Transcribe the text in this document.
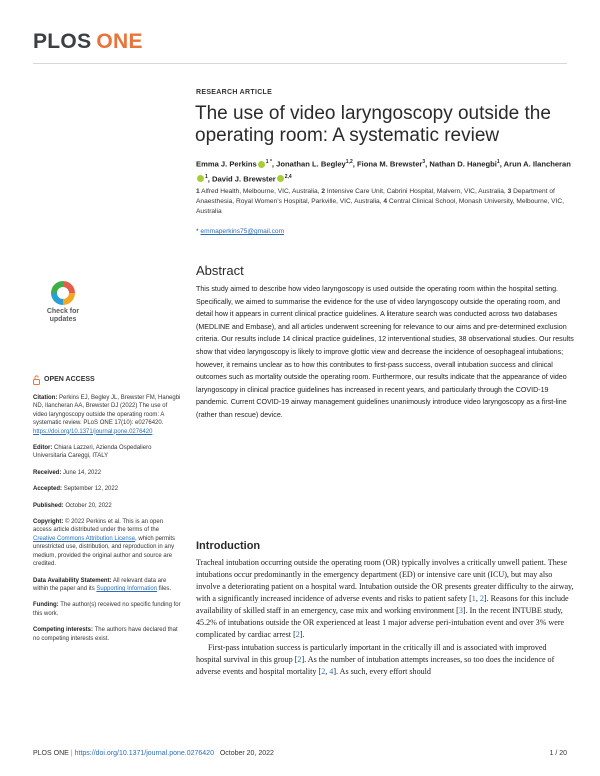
PLOS ONE
RESEARCH ARTICLE
The use of video laryngoscopy outside the operating room: A systematic review
Emma J. Perkins $^{1 *}$, Jonathan L. Begley$^{1,2}$, Fiona M. Brewster$^3$, Nathan D. Hanegbi$^1$, Arun A. Ilancheran$^1$, David J. Brewster $^{2,4}$
1 Alfred Health, Melbourne, VIC, Australia, 2 Intensive Care Unit, Cabrini Hospital, Malvern, VIC, Australia, 3 Department of Anaesthesia, Royal Women’s Hospital, Parkville, VIC, Australia, 4 Central Clinical School, Monash University, Melbourne, VIC, Australia
* emmaperkins75@gmail.com
Abstract

This study aimed to describe how video laryngoscopy is used outside the operating room within the hospital setting. Specifically, we aimed to summarise the evidence for the use of video laryngoscopy outside the operating room, and detail how it appears in current clinical practice guidelines. A literature search was conducted across two databases (MEDLINE and Embase), and all articles underwent screening for relevance to our aims and pre-determined exclusion criteria. Our results include 14 clinical practice guidelines, 12 interventional studies, 38 observational studies. Our results show that video laryngoscopy is likely to improve glottic view and decrease the incidence of oesophageal intubations; however, it remains unclear as to how this contributes to first-pass success, overall intubation success and clinical outcomes such as mortality outside the operating room. Furthermore, our results indicate that the appearance of video laryngoscopy in clinical practice guidelines has increased in recent years, and particularly through the COVID-19 pandemic. Current COVID-19 airway management guidelines unanimously introduce video laryngoscopy as a first-line (rather than rescue) device.

Introduction

Tracheal intubation occurring outside the operating room (OR) typically involves a critically unwell patient. These intubations occur predominantly in the emergency department (ED) or intensive care unit (ICU), but may also involve a deteriorating patient on a hospital ward. Intubation outside the OR presents greater difficulty to the airway, with a significantly increased incidence of adverse events and risks to patient safety [1, 2]. Reasons for this include availability of skilled staff in an emergency, case mix and working environment [3]. In the recent INTUBE study, 45.2% of intubations outside the OR experienced at least 1 major adverse peri-intubation event and over 3% were complicated by cardiac arrest [2].

First-pass intubation success is particularly important in the critically ill and is associated with improved hospital survival in this group [2]. As the number of intubation attempts increases, so too does the incidence of adverse events and hospital mortality [2, 4]. As such, every effort should

Check for
updates
OPEN ACCESS
Citation: Perkins EJ, Begley JL, Brewster FM, Hanegbi ND, Ilancheran AA, Brewster DJ (2022) The use of video laryngoscopy outside the operating room: A systematic review. PLoS ONE 17(10): e0276420. https://doi.org/10.1371/journal.pone.0276420
Editor: Chiara Lazzeri, Azienda Ospedaliero Universitaria Careggi, ITALY
Received: June 14, 2022
Accepted: September 12, 2022
Published: October 20, 2022
Copyright: © 2022 Perkins et al. This is an open access article distributed under the terms of the Creative Commons Attribution License, which permits unrestricted use, distribution, and reproduction in any medium, provided the original author and source are credited.
Data Availability Statement: All relevant data are within the paper and its Supporting Information files.
Funding: The author(s) received no specific funding for this work.
Competing interests: The authors have declared that no competing interests exist.
PLOS ONE | https://doi.org/10.1371/journal.pone.0276420 October 20, 2022	1 / 20
